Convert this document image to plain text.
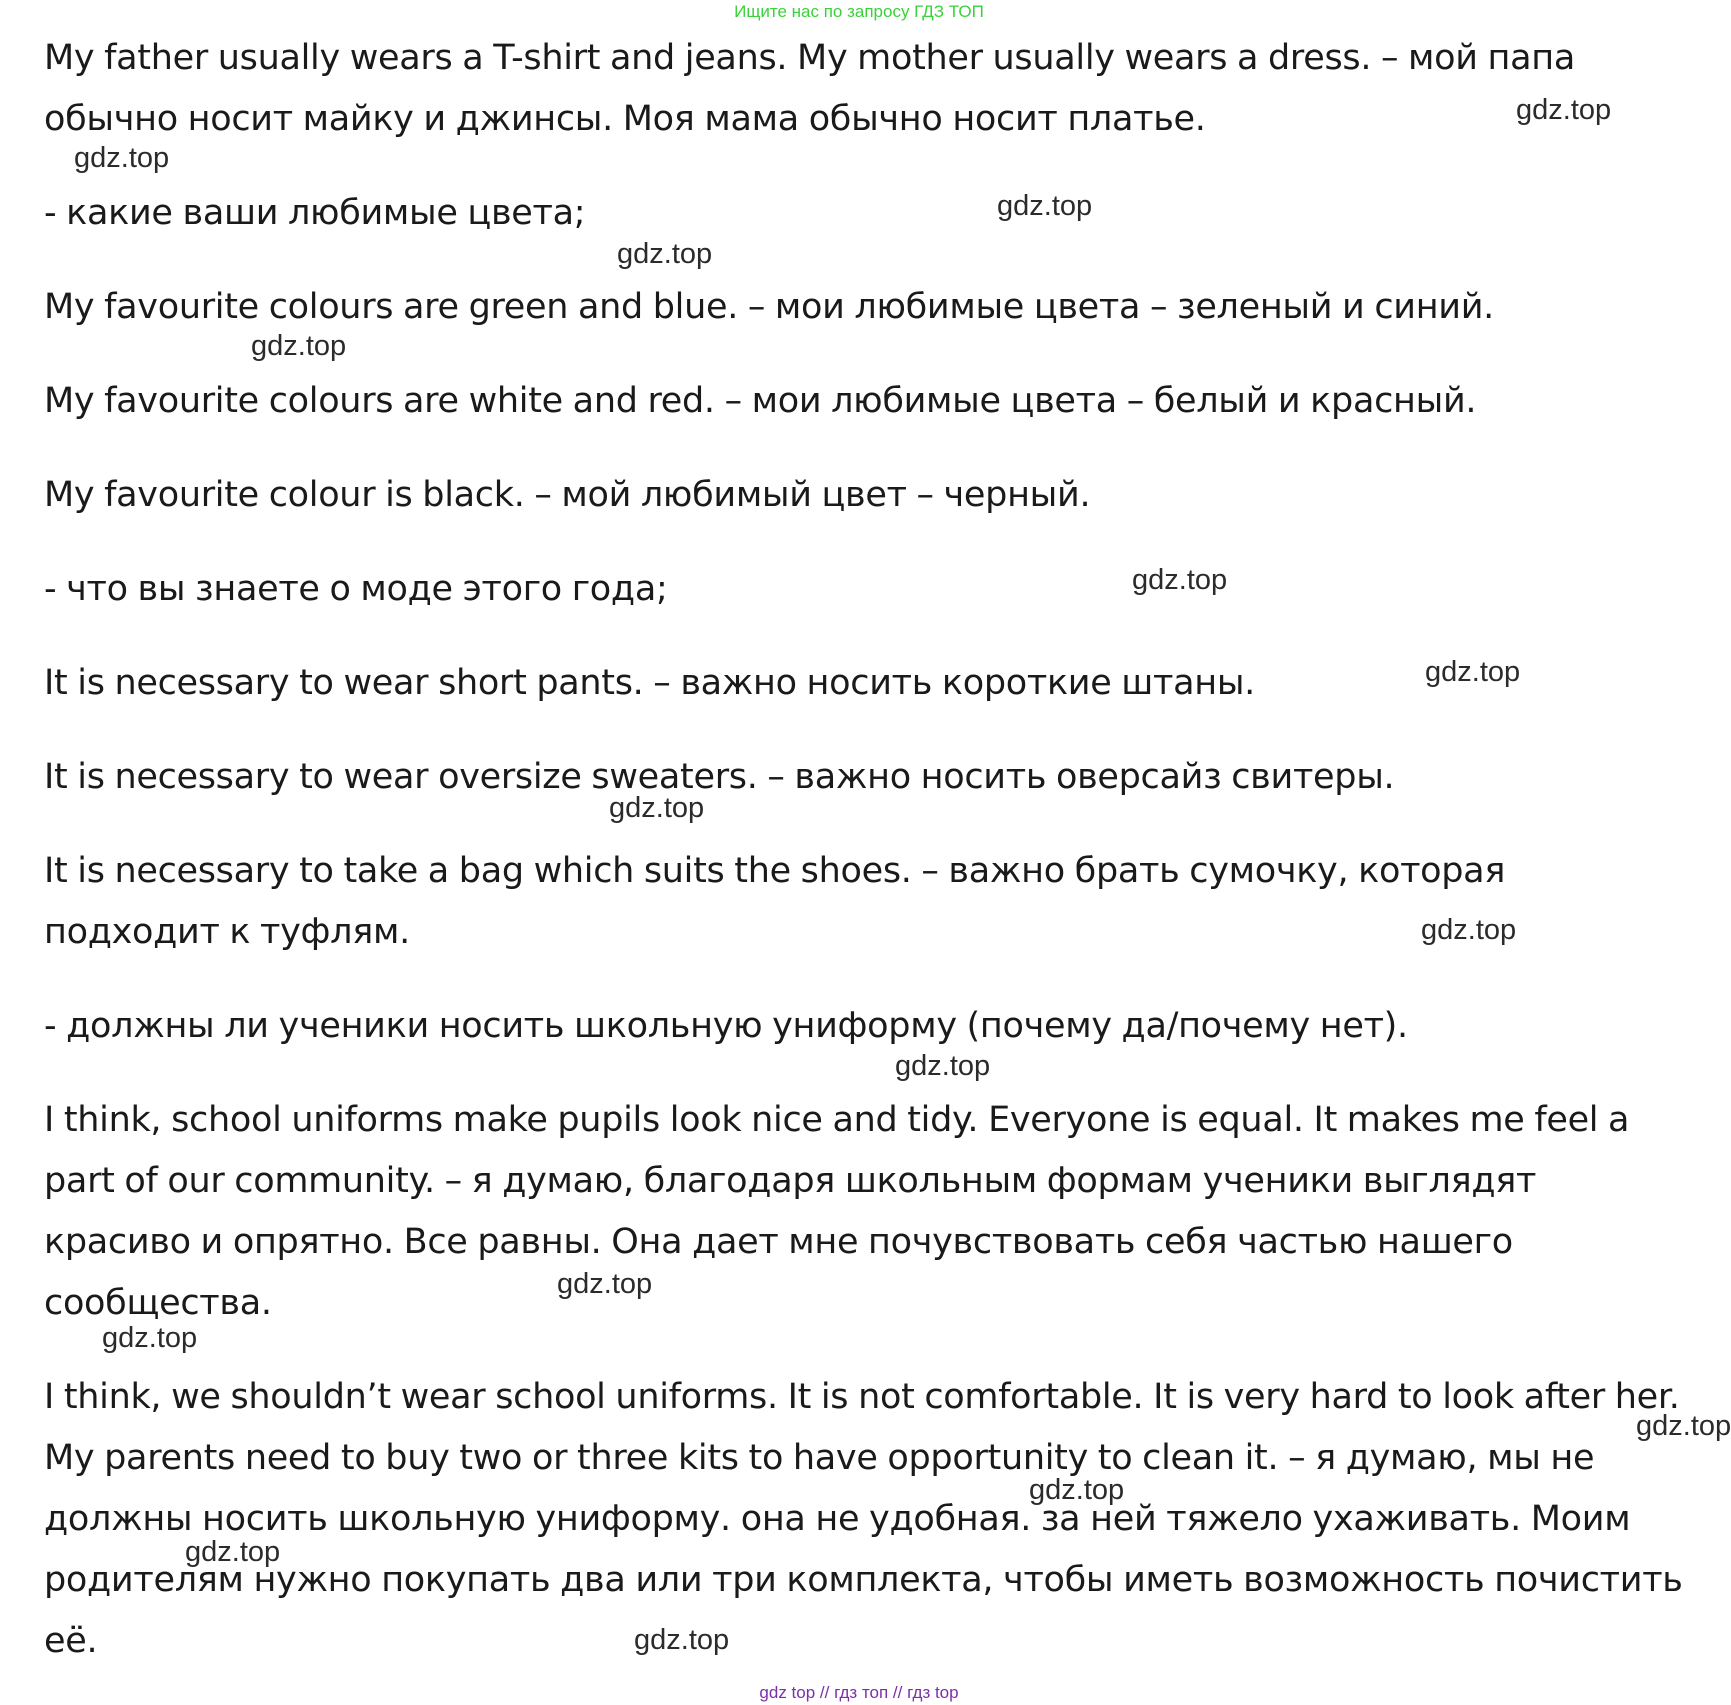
Ищите нас по запросу ГДЗ ТОП

My father usually wears a T-shirt and jeans. My mother usually wears a dress. – мой папа обычно носит майку и джинсы. Моя мама обычно носит платье.

- какие ваши любимые цвета;

My favourite colours are green and blue. – мои любимые цвета – зеленый и синий.

My favourite colours are white and red. – мои любимые цвета – белый и красный.

My favourite colour is black. – мой любимый цвет – черный.

- что вы знаете о моде этого года;

It is necessary to wear short pants. – важно носить короткие штаны.

It is necessary to wear oversize sweaters. – важно носить оверсайз свитеры.

It is necessary to take a bag which suits the shoes. – важно брать сумочку, которая подходит к туфлям.

- должны ли ученики носить школьную униформу (почему да/почему нет).

I think, school uniforms make pupils look nice and tidy. Everyone is equal. It makes me feel a part of our community. – я думаю, благодаря школьным формам ученики выглядят красиво и опрятно. Все равны. Она дает мне почувствовать себя частью нашего сообщества.

I think, we shouldn’t wear school uniforms. It is not comfortable. It is very hard to look after her. My parents need to buy two or three kits to have opportunity to clean it. – я думаю, мы не должны носить школьную униформу. она не удобная. за ней тяжело ухаживать. Моим родителям нужно покупать два или три комплекта, чтобы иметь возможность почистить её.

gdz.top
gdz.top
gdz.top
gdz.top
gdz.top
gdz.top
gdz.top
gdz.top
gdz.top
gdz.top
gdz.top
gdz.top
gdz.top
gdz.top
gdz.top
gdz.top
gdz top // гдз топ // гдз top
